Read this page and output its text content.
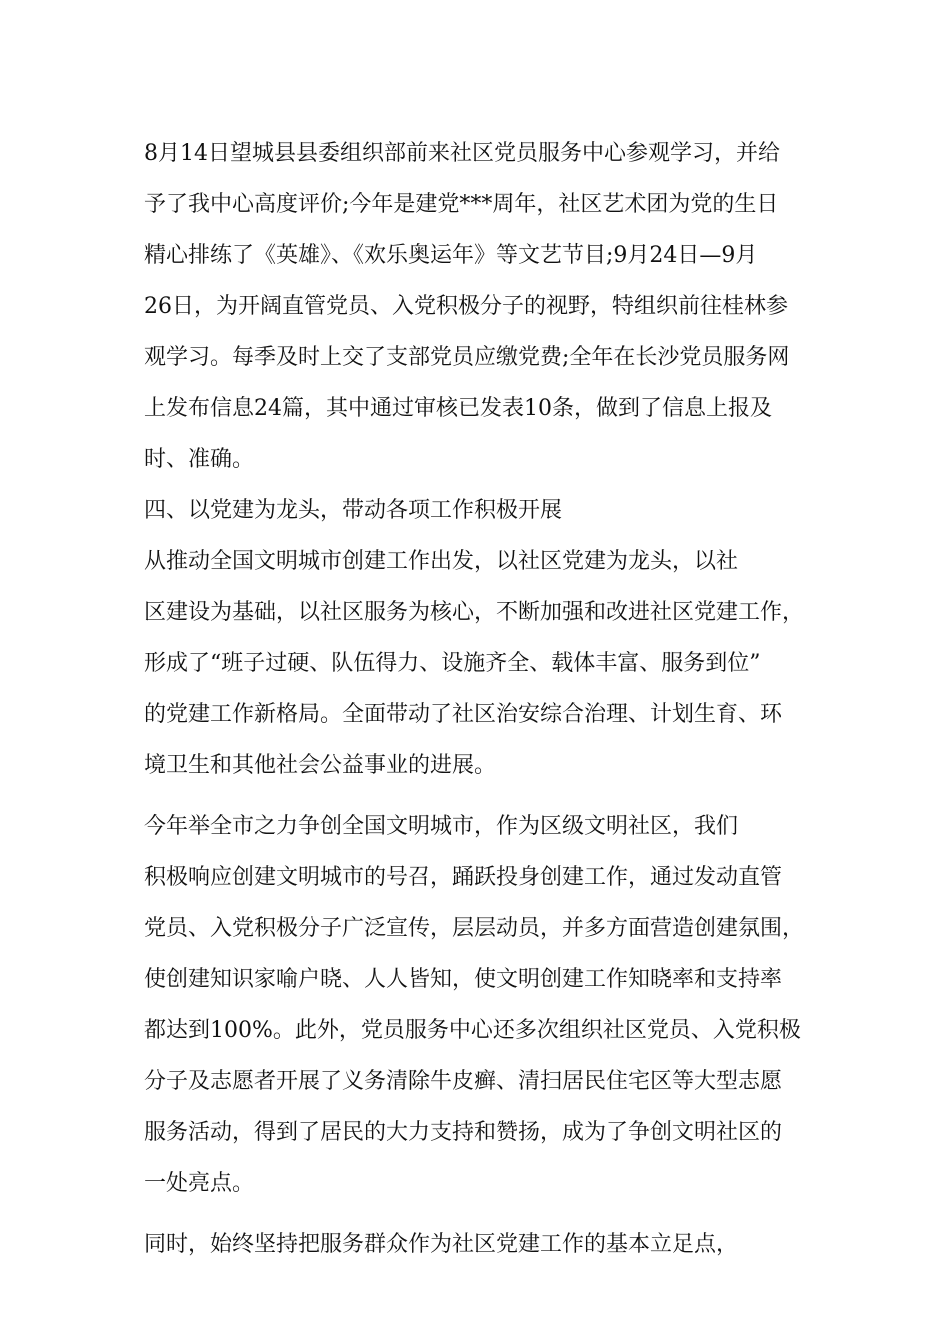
8月14日望城县县委组织部前来社区党员服务中心参观学习，并给
予了我中心高度评价;今年是建党***周年，社区艺术团为党的生日
精心排练了《英雄》、《欢乐奥运年》等文艺节目;9月24日—9月
26日，为开阔直管党员、入党积极分子的视野，特组织前往桂林参
观学习。每季及时上交了支部党员应缴党费;全年在长沙党员服务网
上发布信息24篇，其中通过审核已发表10条，做到了信息上报及
时、准确。
四、以党建为龙头，带动各项工作积极开展
从推动全国文明城市创建工作出发，以社区党建为龙头，以社
区建设为基础，以社区服务为核心，不断加强和改进社区党建工作，
形成了“班子过硬、队伍得力、设施齐全、载体丰富、服务到位”
的党建工作新格局。全面带动了社区治安综合治理、计划生育、环
境卫生和其他社会公益事业的进展。
今年举全市之力争创全国文明城市，作为区级文明社区，我们
积极响应创建文明城市的号召，踊跃投身创建工作，通过发动直管
党员、入党积极分子广泛宣传，层层动员，并多方面营造创建氛围，
使创建知识家喻户晓、人人皆知，使文明创建工作知晓率和支持率
都达到100%。此外，党员服务中心还多次组织社区党员、入党积极
分子及志愿者开展了义务清除牛皮癣、清扫居民住宅区等大型志愿
服务活动，得到了居民的大力支持和赞扬，成为了争创文明社区的
一处亮点。
同时，始终坚持把服务群众作为社区党建工作的基本立足点，
